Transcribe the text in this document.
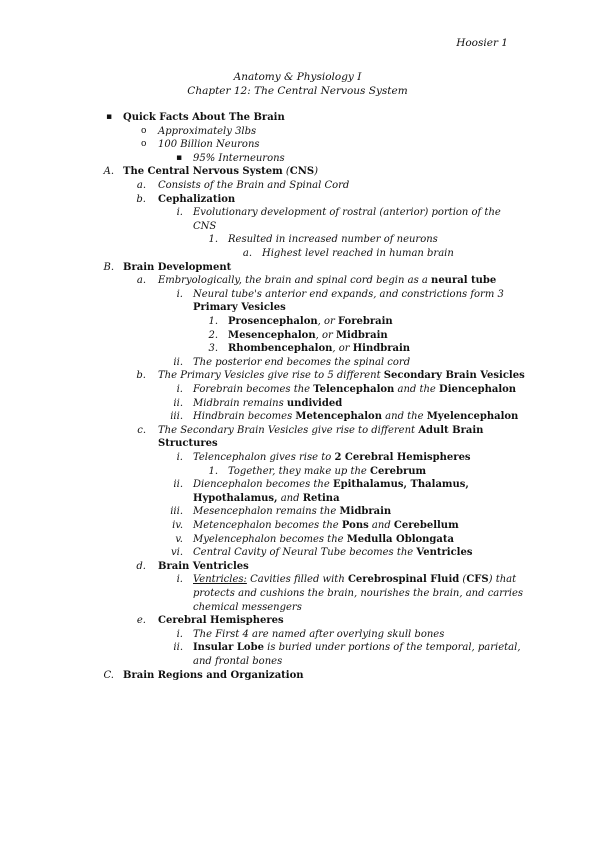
Hoosier 1
Anatomy & Physiology I
Chapter 12: The Central Nervous System
▪ Quick Facts About The Brain
o Approximately 3lbs
o 100 Billion Neurons
▪ 95% Interneurons
A. The Central Nervous System (CNS)
a. Consists of the Brain and Spinal Cord
b. Cephalization
i. Evolutionary development of rostral (anterior) portion of the
CNS
1. Resulted in increased number of neurons
a. Highest level reached in human brain
B. Brain Development
a. Embryologically, the brain and spinal cord begin as a neural tube
i. Neural tube's anterior end expands, and constrictions form 3
Primary Vesicles
1. Prosencephalon, or Forebrain
2. Mesencephalon, or Midbrain
3. Rhombencephalon, or Hindbrain
ii. The posterior end becomes the spinal cord
b. The Primary Vesicles give rise to 5 different Secondary Brain Vesicles
i. Forebrain becomes the Telencephalon and the Diencephalon
ii. Midbrain remains undivided
iii. Hindbrain becomes Metencephalon and the Myelencephalon
c. The Secondary Brain Vesicles give rise to different Adult Brain
Structures
i. Telencephalon gives rise to 2 Cerebral Hemispheres
1. Together, they make up the Cerebrum
ii. Diencephalon becomes the Epithalamus, Thalamus,
Hypothalamus, and Retina
iii. Mesencephalon remains the Midbrain
iv. Metencephalon becomes the Pons and Cerebellum
v. Myelencephalon becomes the Medulla Oblongata
vi. Central Cavity of Neural Tube becomes the Ventricles
d. Brain Ventricles
i. Ventricles: Cavities filled with Cerebrospinal Fluid (CFS) that
protects and cushions the brain, nourishes the brain, and carries
chemical messengers
e. Cerebral Hemispheres
i. The First 4 are named after overlying skull bones
ii. Insular Lobe is buried under portions of the temporal, parietal,
and frontal bones
C. Brain Regions and Organization
